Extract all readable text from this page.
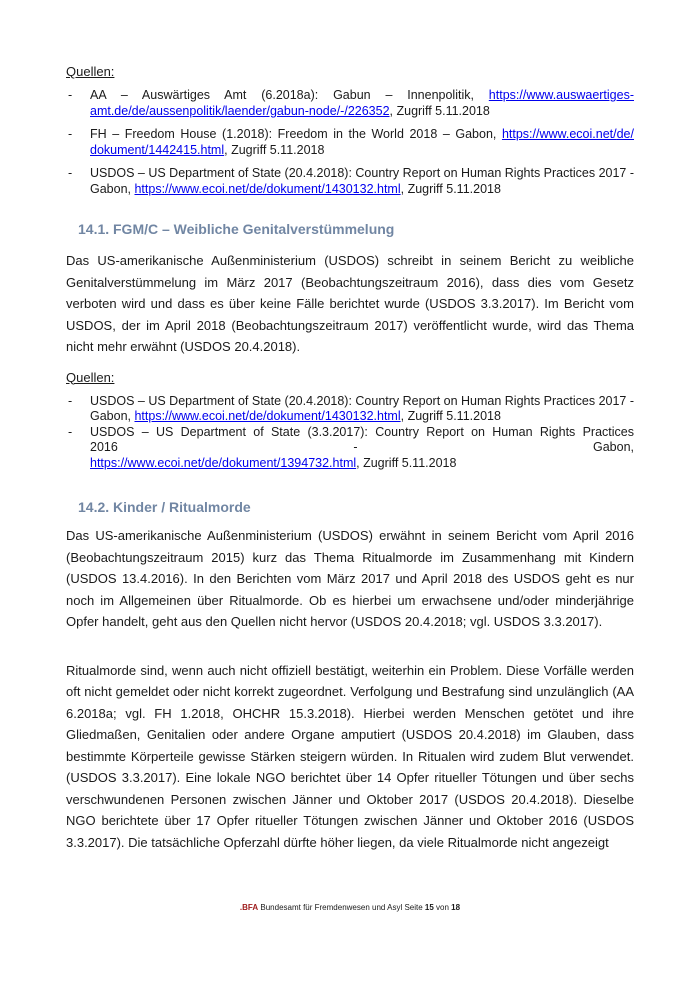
Quellen:
- AA – Auswärtiges Amt (6.2018a): Gabun – Innenpolitik, https://www.auswaertiges-amt.de/de/aussenpolitik/laender/gabun-node/-/226352, Zugriff 5.11.2018
- FH – Freedom House (1.2018): Freedom in the World 2018 – Gabon, https://www.ecoi.net/de/dokument/1442415.html, Zugriff 5.11.2018
- USDOS – US Department of State (20.4.2018): Country Report on Human Rights Practices 2017 - Gabon, https://www.ecoi.net/de/dokument/1430132.html, Zugriff 5.11.2018
14.1. FGM/C – Weibliche Genitalverstümmelung

Das US-amerikanische Außenministerium (USDOS) schreibt in seinem Bericht zu weibliche Genitalverstümmelung im März 2017 (Beobachtungszeitraum 2016), dass dies vom Gesetz verboten wird und dass es über keine Fälle berichtet wurde (USDOS 3.3.2017). Im Bericht vom USDOS, der im April 2018 (Beobachtungszeitraum 2017) veröffentlicht wurde, wird das Thema nicht mehr erwähnt (USDOS 20.4.2018).

Quellen:
- USDOS – US Department of State (20.4.2018): Country Report on Human Rights Practices 2017 - Gabon, https://www.ecoi.net/de/dokument/1430132.html, Zugriff 5.11.2018
- USDOS – US Department of State (3.3.2017): Country Report on Human Rights Practices
2016	-	Gabon,
https://www.ecoi.net/de/dokument/1394732.html, Zugriff 5.11.2018
14.2. Kinder / Ritualmorde

Das US-amerikanische Außenministerium (USDOS) erwähnt in seinem Bericht vom April 2016 (Beobachtungszeitraum 2015) kurz das Thema Ritualmorde im Zusammenhang mit Kindern (USDOS 13.4.2016). In den Berichten vom März 2017 und April 2018 des USDOS geht es nur noch im Allgemeinen über Ritualmorde. Ob es hierbei um erwachsene und/oder minderjährige Opfer handelt, geht aus den Quellen nicht hervor (USDOS 20.4.2018; vgl. USDOS 3.3.2017).

Ritualmorde sind, wenn auch nicht offiziell bestätigt, weiterhin ein Problem. Diese Vorfälle werden oft nicht gemeldet oder nicht korrekt zugeordnet. Verfolgung und Bestrafung sind unzulänglich (AA 6.2018a; vgl. FH 1.2018, OHCHR 15.3.2018). Hierbei werden Menschen getötet und ihre Gliedmaßen, Genitalien oder andere Organe amputiert (USDOS 20.4.2018) im Glauben, dass bestimmte Körperteile gewisse Stärken steigern würden. In Ritualen wird zudem Blut verwendet. (USDOS 3.3.2017). Eine lokale NGO berichtet über 14 Opfer ritueller Tötungen und über sechs verschwundenen Personen zwischen Jänner und Oktober 2017 (USDOS 20.4.2018). Dieselbe NGO berichtete über 17 Opfer ritueller Tötungen zwischen Jänner und Oktober 2016 (USDOS 3.3.2017). Die tatsächliche Opferzahl dürfte höher liegen, da viele Ritualmorde nicht angezeigt

.BFA Bundesamt für Fremdenwesen und Asyl Seite 15 von 18
